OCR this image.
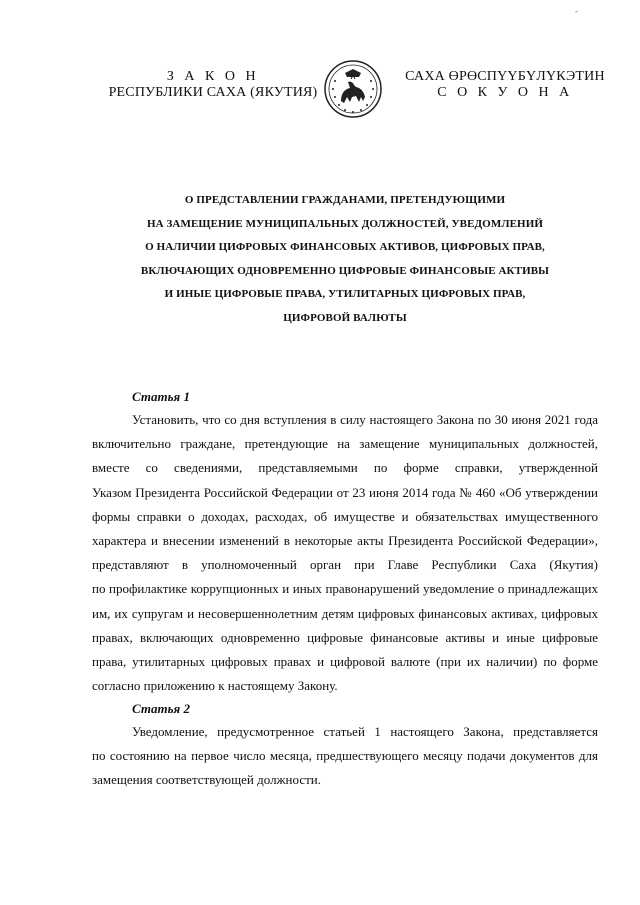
-
З А К О Н
РЕСПУБЛИКИ САХА (ЯКУТИЯ)
САХА ӨРӨСПҮҮБҮЛҮКЭТИН
С О К У О Н А
О ПРЕДСТАВЛЕНИИ ГРАЖДАНАМИ, ПРЕТЕНДУЮЩИМИ
НА ЗАМЕЩЕНИЕ МУНИЦИПАЛЬНЫХ ДОЛЖНОСТЕЙ, УВЕДОМЛЕНИЙ
О НАЛИЧИИ ЦИФРОВЫХ ФИНАНСОВЫХ АКТИВОВ, ЦИФРОВЫХ ПРАВ,
ВКЛЮЧАЮЩИХ ОДНОВРЕМЕННО ЦИФРОВЫЕ ФИНАНСОВЫЕ АКТИВЫ
И ИНЫЕ ЦИФРОВЫЕ ПРАВА, УТИЛИТАРНЫХ ЦИФРОВЫХ ПРАВ,
ЦИФРОВОЙ ВАЛЮТЫ
Статья 1
Установить, что со дня вступления в силу настоящего Закона по 30 июня 2021 года
включительно граждане, претендующие на замещение муниципальных должностей,
вместе со сведениями, представляемыми по форме справки, утвержденной
Указом Президента Российской Федерации от 23 июня 2014 года № 460 «Об утверждении
формы справки о доходах, расходах, об имуществе и обязательствах имущественного
характера и внесении изменений в некоторые акты Президента Российской Федерации»,
представляют в уполномоченный орган при Главе Республики Саха (Якутия)
по профилактике коррупционных и иных правонарушений уведомление о принадлежащих
им, их супругам и несовершеннолетним детям цифровых финансовых активах, цифровых
правах, включающих одновременно цифровые финансовые активы и иные цифровые
права, утилитарных цифровых правах и цифровой валюте (при их наличии) по форме
согласно приложению к настоящему Закону.
Статья 2
Уведомление, предусмотренное статьей 1 настоящего Закона, представляется
по состоянию на первое число месяца, предшествующего месяцу подачи документов для
замещения соответствующей должности.
